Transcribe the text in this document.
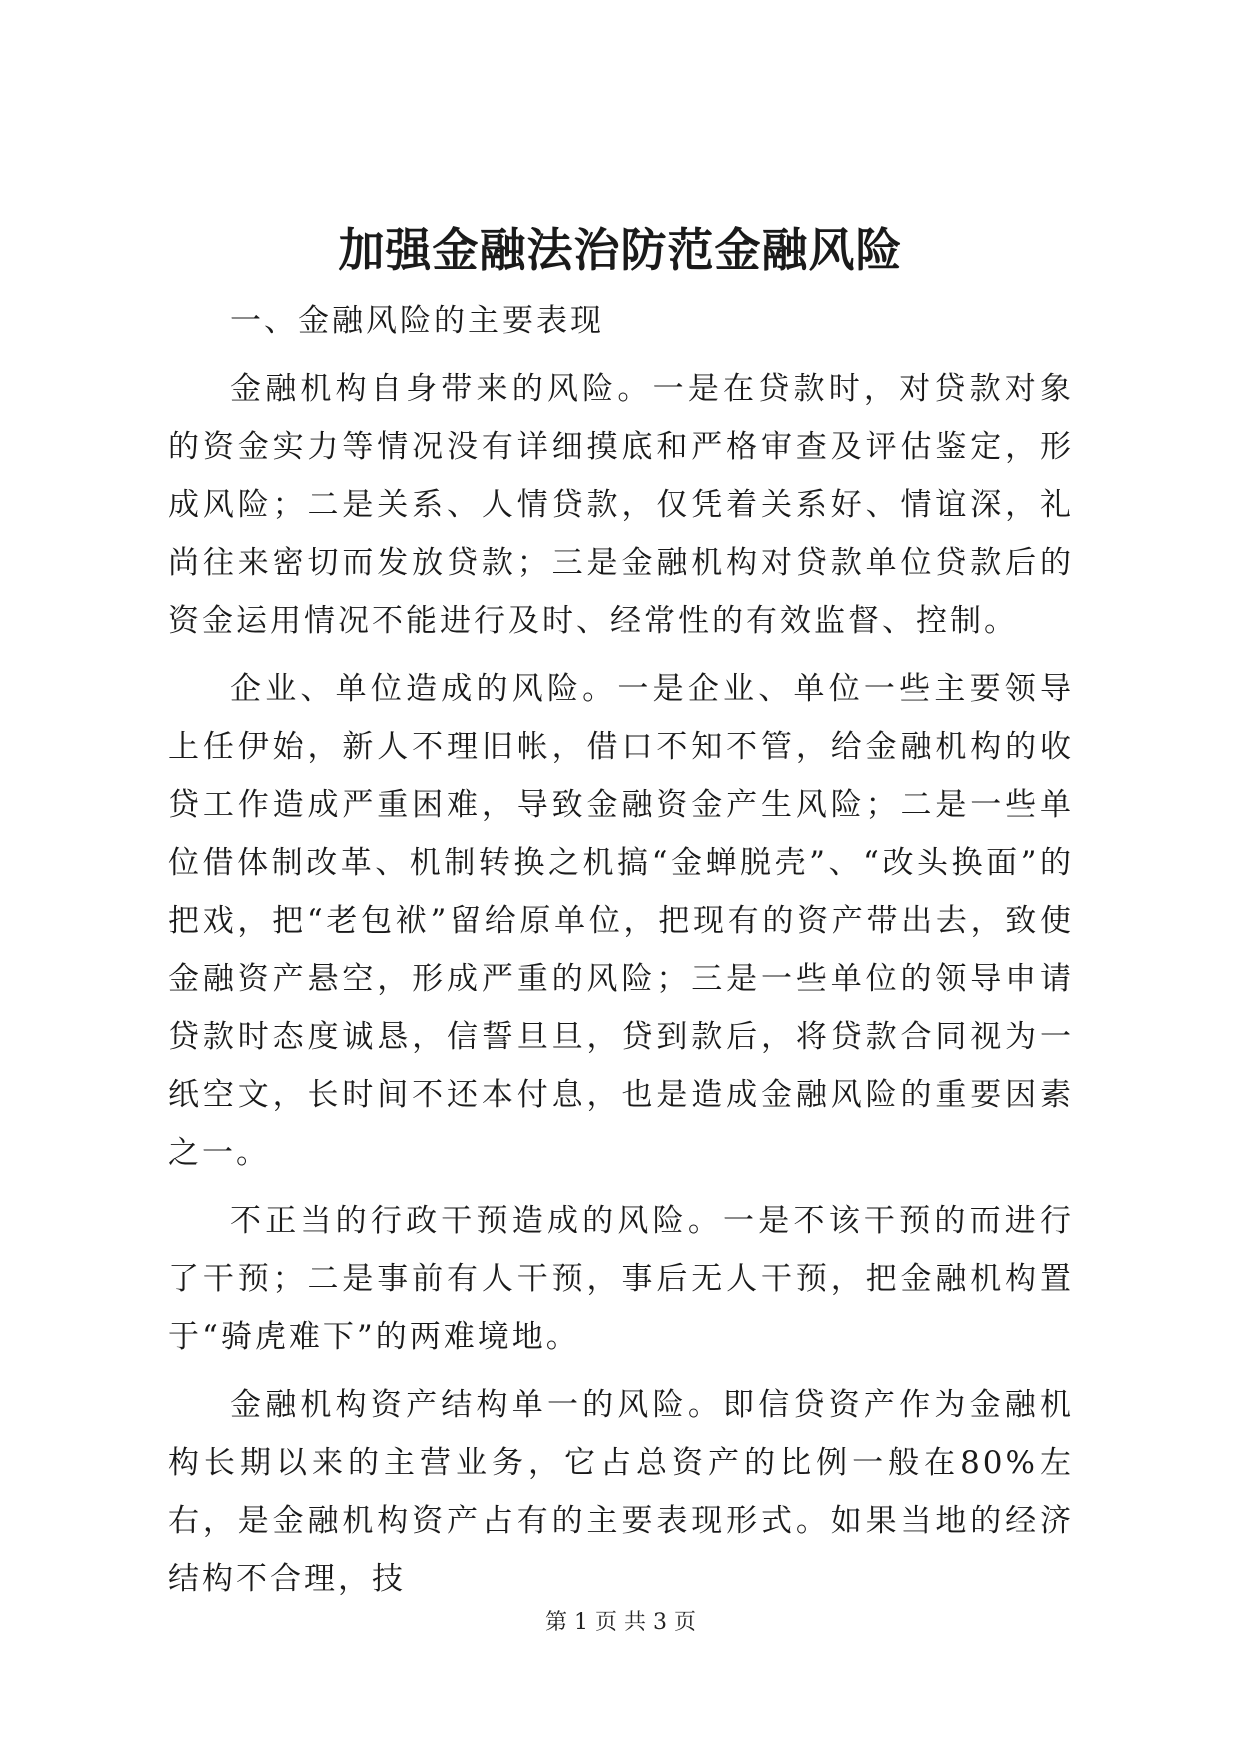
加强金融法治防范金融风险

一、金融风险的主要表现

金融机构自身带来的风险。一是在贷款时，对贷款对象的资金实力等情况没有详细摸底和严格审查及评估鉴定，形成风险；二是关系、人情贷款，仅凭着关系好、情谊深，礼尚往来密切而发放贷款；三是金融机构对贷款单位贷款后的资金运用情况不能进行及时、经常性的有效监督、控制。

企业、单位造成的风险。一是企业、单位一些主要领导上任伊始，新人不理旧帐，借口不知不管，给金融机构的收贷工作造成严重困难，导致金融资金产生风险；二是一些单位借体制改革、机制转换之机搞“金蝉脱壳”、“改头换面”的把戏，把“老包袱”留给原单位，把现有的资产带出去，致使金融资产悬空，形成严重的风险；三是一些单位的领导申请贷款时态度诚恳，信誓旦旦，贷到款后，将贷款合同视为一纸空文，长时间不还本付息，也是造成金融风险的重要因素之一。

不正当的行政干预造成的风险。一是不该干预的而进行了干预；二是事前有人干预，事后无人干预，把金融机构置于“骑虎难下”的两难境地。

金融机构资产结构单一的风险。即信贷资产作为金融机构长期以来的主营业务，它占总资产的比例一般在80%左右，是金融机构资产占有的主要表现形式。如果当地的经济结构不合理，技

第 1 页 共 3 页
